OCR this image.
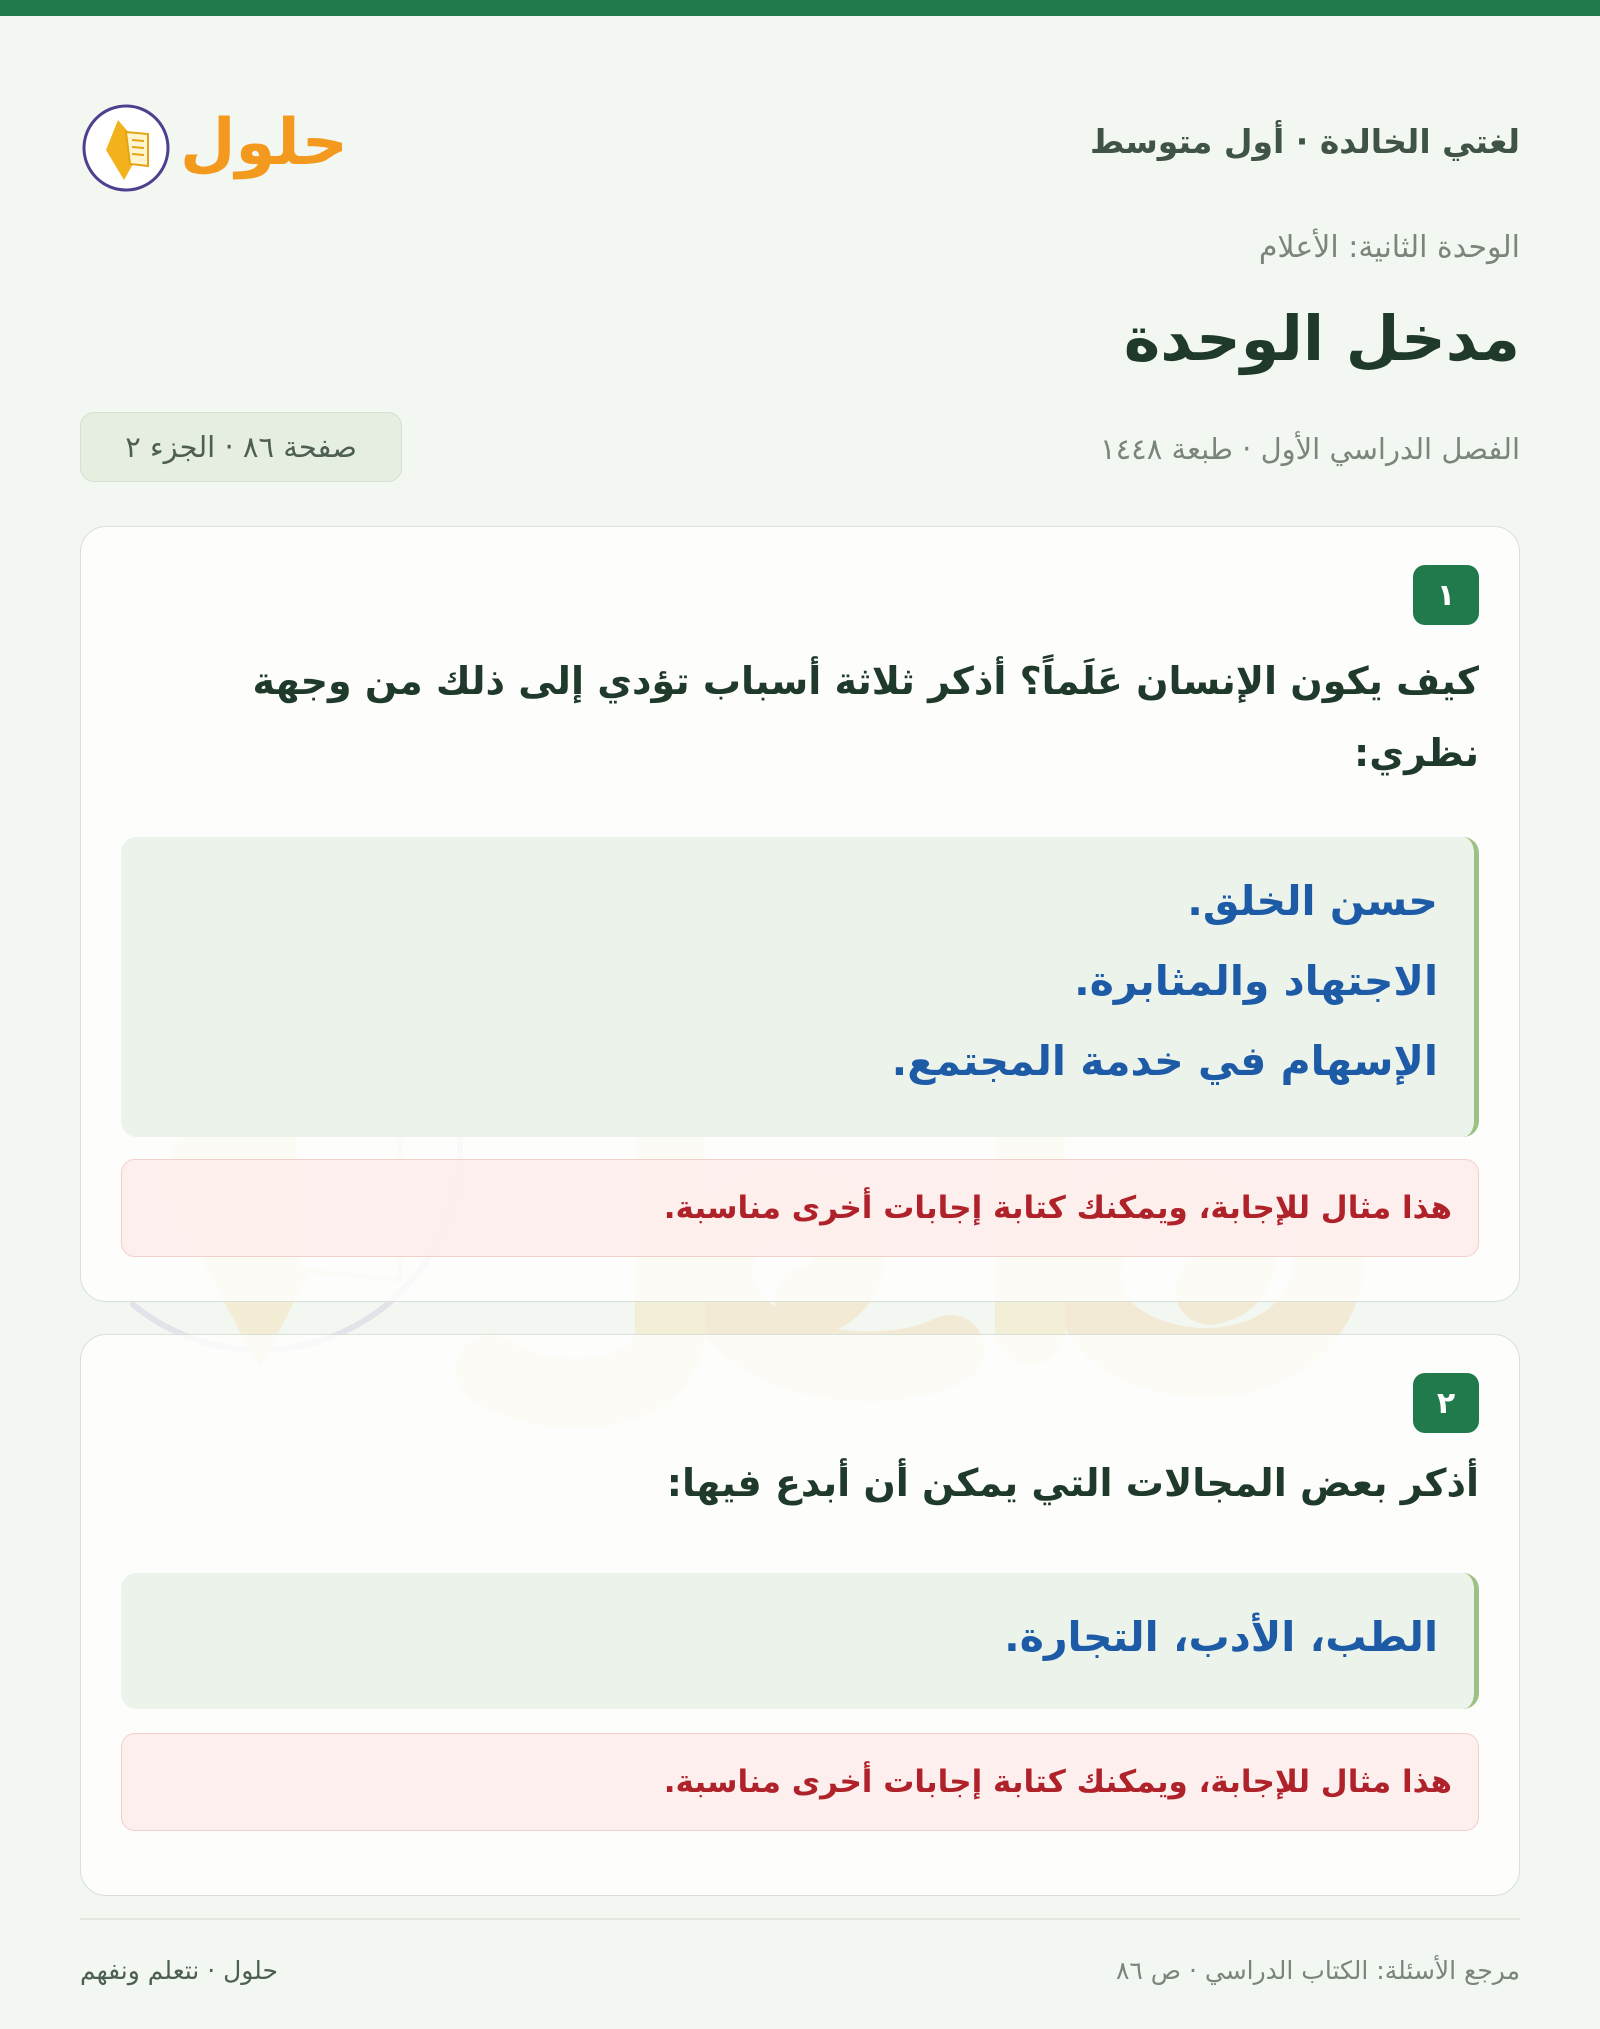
لغتي الخالدة · أول متوسط
حلول
الوحدة الثانية: الأعلام
مدخل الوحدة
الفصل الدراسي الأول · طبعة ١٤٤٨
صفحة ٨٦ · الجزء ٢
١
كيف يكون الإنسان عَلَماً؟ أذكر ثلاثة أسباب تؤدي إلى ذلك من وجهة نظري:
حسن الخلق.
الاجتهاد والمثابرة.
الإسهام في خدمة المجتمع.
هذا مثال للإجابة، ويمكنك كتابة إجابات أخرى مناسبة.
٢
أذكر بعض المجالات التي يمكن أن أبدع فيها:
الطب، الأدب، التجارة.
هذا مثال للإجابة، ويمكنك كتابة إجابات أخرى مناسبة.
مرجع الأسئلة: الكتاب الدراسي · ص ٨٦
حلول · نتعلم ونفهم
